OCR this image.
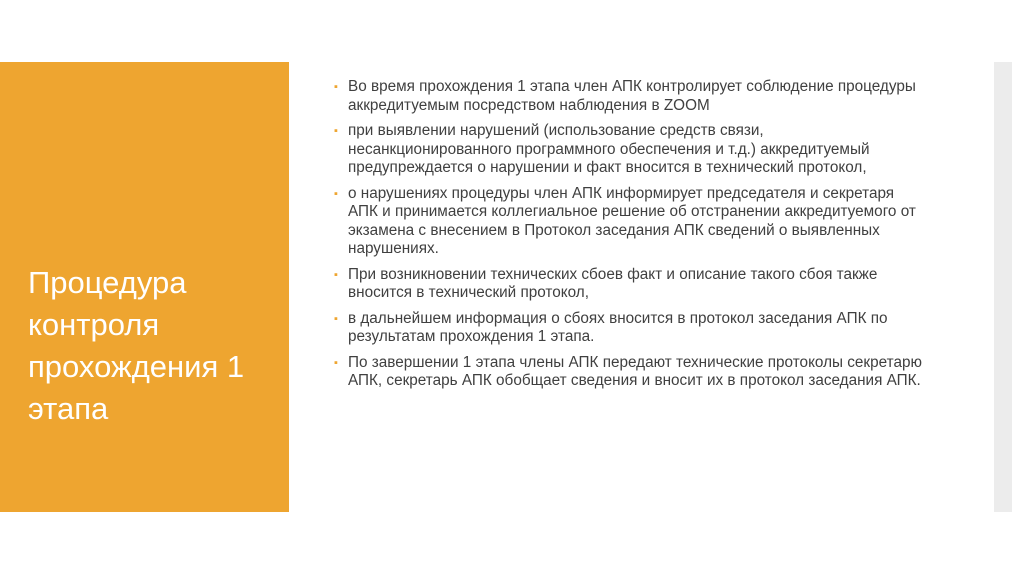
Процедура контроля прохождения 1 этапа
▪ Во время прохождения 1 этапа член АПК контролирует соблюдение процедуры аккредитуемым посредством наблюдения в ZOOM
▪ при выявлении нарушений (использование средств связи, несанкционированного программного обеспечения и т.д.) аккредитуемый предупреждается о нарушении и факт вносится в технический протокол,
▪ о нарушениях процедуры член АПК информирует председателя и секретаря АПК и принимается коллегиальное решение об отстранении аккредитуемого от экзамена с внесением в Протокол заседания АПК сведений о выявленных нарушениях.
▪ При возникновении технических сбоев факт и описание такого сбоя также вносится в технический протокол,
▪ в дальнейшем информация о сбоях вносится в протокол заседания АПК по результатам прохождения 1 этапа.
▪ По завершении 1 этапа члены АПК передают технические протоколы секретарю АПК, секретарь АПК обобщает сведения и вносит их в протокол заседания АПК.
